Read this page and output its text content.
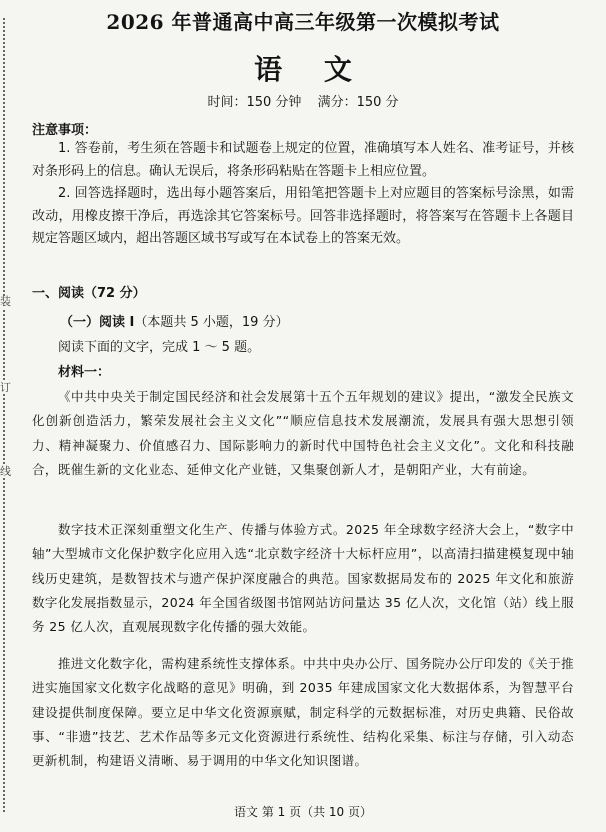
装
订
线
2026 年普通高中高三年级第一次模拟考试
语 文
时间：150 分钟 满分：150 分
注意事项：
1. 答卷前，考生须在答题卡和试题卷上规定的位置，准确填写本人姓名、准考证号，并核对条形码上的信息。确认无误后，将条形码粘贴在答题卡上相应位置。
2. 回答选择题时，选出每小题答案后，用铅笔把答题卡上对应题目的答案标号涂黑，如需改动，用橡皮擦干净后，再选涂其它答案标号。回答非选择题时，将答案写在答题卡上各题目规定答题区域内，超出答题区域书写或写在本试卷上的答案无效。
一、阅读（72 分）
（一）阅读 I（本题共 5 小题，19 分）
阅读下面的文字，完成 1 ～ 5 题。
材料一：
《中共中央关于制定国民经济和社会发展第十五个五年规划的建议》提出，“激发全民族文化创新创造活力，繁荣发展社会主义文化”“顺应信息技术发展潮流，发展具有强大思想引领力、精神凝聚力、价值感召力、国际影响力的新时代中国特色社会主义文化”。文化和科技融合，既催生新的文化业态、延伸文化产业链，又集聚创新人才，是朝阳产业，大有前途。
数字技术正深刻重塑文化生产、传播与体验方式。2025 年全球数字经济大会上，“数字中轴”大型城市文化保护数字化应用入选“北京数字经济十大标杆应用”，以高清扫描建模复现中轴线历史建筑，是数智技术与遗产保护深度融合的典范。国家数据局发布的 2025 年文化和旅游数字化发展指数显示，2024 年全国省级图书馆网站访问量达 35 亿人次，文化馆（站）线上服务 25 亿人次，直观展现数字化传播的强大效能。
推进文化数字化，需构建系统性支撑体系。中共中央办公厅、国务院办公厅印发的《关于推进实施国家文化数字化战略的意见》明确，到 2035 年建成国家文化大数据体系，为智慧平台建设提供制度保障。要立足中华文化资源禀赋，制定科学的元数据标准，对历史典籍、民俗故事、“非遗”技艺、艺术作品等多元文化资源进行系统性、结构化采集、标注与存储，引入动态更新机制，构建语义清晰、易于调用的中华文化知识图谱。
语文 第 1 页（共 10 页）
